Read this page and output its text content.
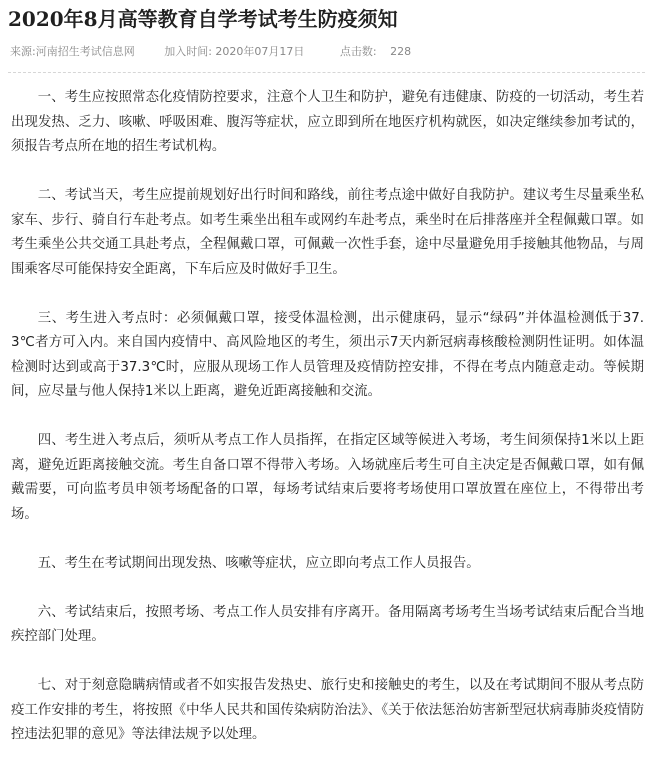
2020年8月高等教育自学考试考生防疫须知
来源:河南招生考试信息网	加入时间: 2020年07月17日	点击数: 228

一、考生应按照常态化疫情防控要求，注意个人卫生和防护，避免有违健康、防疫的一切活动，考生若出现发热、乏力、咳嗽、呼吸困难、腹泻等症状，应立即到所在地医疗机构就医，如决定继续参加考试的，须报告考点所在地的招生考试机构。

二、考试当天，考生应提前规划好出行时间和路线，前往考点途中做好自我防护。建议考生尽量乘坐私家车、步行、骑自行车赴考点。如考生乘坐出租车或网约车赴考点，乘坐时在后排落座并全程佩戴口罩。如考生乘坐公共交通工具赴考点，全程佩戴口罩，可佩戴一次性手套，途中尽量避免用手接触其他物品，与周围乘客尽可能保持安全距离，下车后应及时做好手卫生。

三、考生进入考点时：必须佩戴口罩，接受体温检测，出示健康码，显示“绿码”并体温检测低于37.3℃者方可入内。来自国内疫情中、高风险地区的考生，须出示7天内新冠病毒核酸检测阴性证明。如体温检测时达到或高于37.3℃时，应服从现场工作人员管理及疫情防控安排，不得在考点内随意走动。等候期间，应尽量与他人保持1米以上距离，避免近距离接触和交流。

四、考生进入考点后，须听从考点工作人员指挥，在指定区域等候进入考场，考生间须保持1米以上距离，避免近距离接触交流。考生自备口罩不得带入考场。入场就座后考生可自主决定是否佩戴口罩，如有佩戴需要，可向监考员申领考场配备的口罩，每场考试结束后要将考场使用口罩放置在座位上，不得带出考场。

五、考生在考试期间出现发热、咳嗽等症状，应立即向考点工作人员报告。

六、考试结束后，按照考场、考点工作人员安排有序离开。备用隔离考场考生当场考试结束后配合当地疾控部门处理。

七、对于刻意隐瞒病情或者不如实报告发热史、旅行史和接触史的考生，以及在考试期间不服从考点防疫工作安排的考生，将按照《中华人民共和国传染病防治法》、《关于依法惩治妨害新型冠状病毒肺炎疫情防控违法犯罪的意见》等法律法规予以处理。
